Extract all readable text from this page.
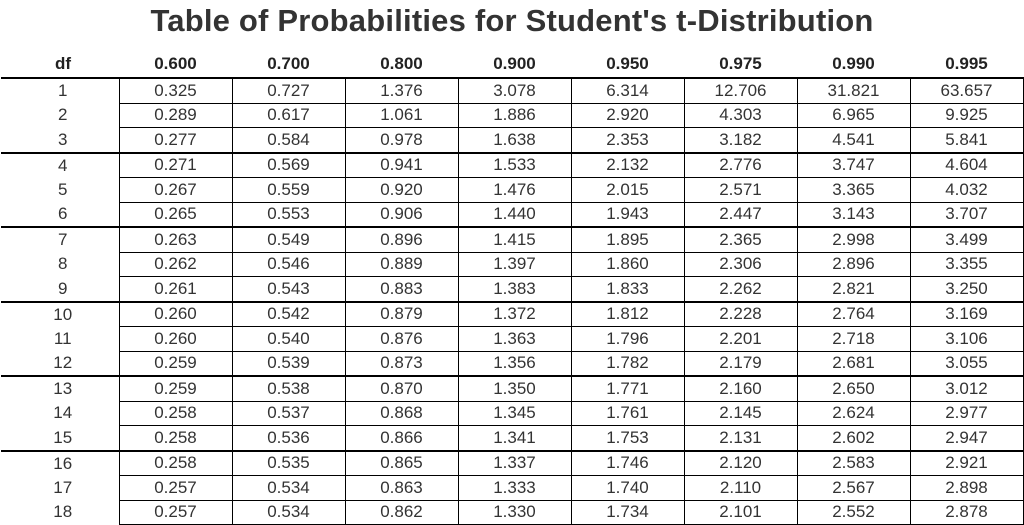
Table of Probabilities for Student's t-Distribution
df	0.600	0.700	0.800	0.900	0.950	0.975	0.990	0.995
1	0.325	0.727	1.376	3.078	6.314	12.706	31.821	63.657
2	0.289	0.617	1.061	1.886	2.920	4.303	6.965	9.925
3	0.277	0.584	0.978	1.638	2.353	3.182	4.541	5.841
4	0.271	0.569	0.941	1.533	2.132	2.776	3.747	4.604
5	0.267	0.559	0.920	1.476	2.015	2.571	3.365	4.032
6	0.265	0.553	0.906	1.440	1.943	2.447	3.143	3.707
7	0.263	0.549	0.896	1.415	1.895	2.365	2.998	3.499
8	0.262	0.546	0.889	1.397	1.860	2.306	2.896	3.355
9	0.261	0.543	0.883	1.383	1.833	2.262	2.821	3.250
10	0.260	0.542	0.879	1.372	1.812	2.228	2.764	3.169
11	0.260	0.540	0.876	1.363	1.796	2.201	2.718	3.106
12	0.259	0.539	0.873	1.356	1.782	2.179	2.681	3.055
13	0.259	0.538	0.870	1.350	1.771	2.160	2.650	3.012
14	0.258	0.537	0.868	1.345	1.761	2.145	2.624	2.977
15	0.258	0.536	0.866	1.341	1.753	2.131	2.602	2.947
16	0.258	0.535	0.865	1.337	1.746	2.120	2.583	2.921
17	0.257	0.534	0.863	1.333	1.740	2.110	2.567	2.898
18	0.257	0.534	0.862	1.330	1.734	2.101	2.552	2.878
